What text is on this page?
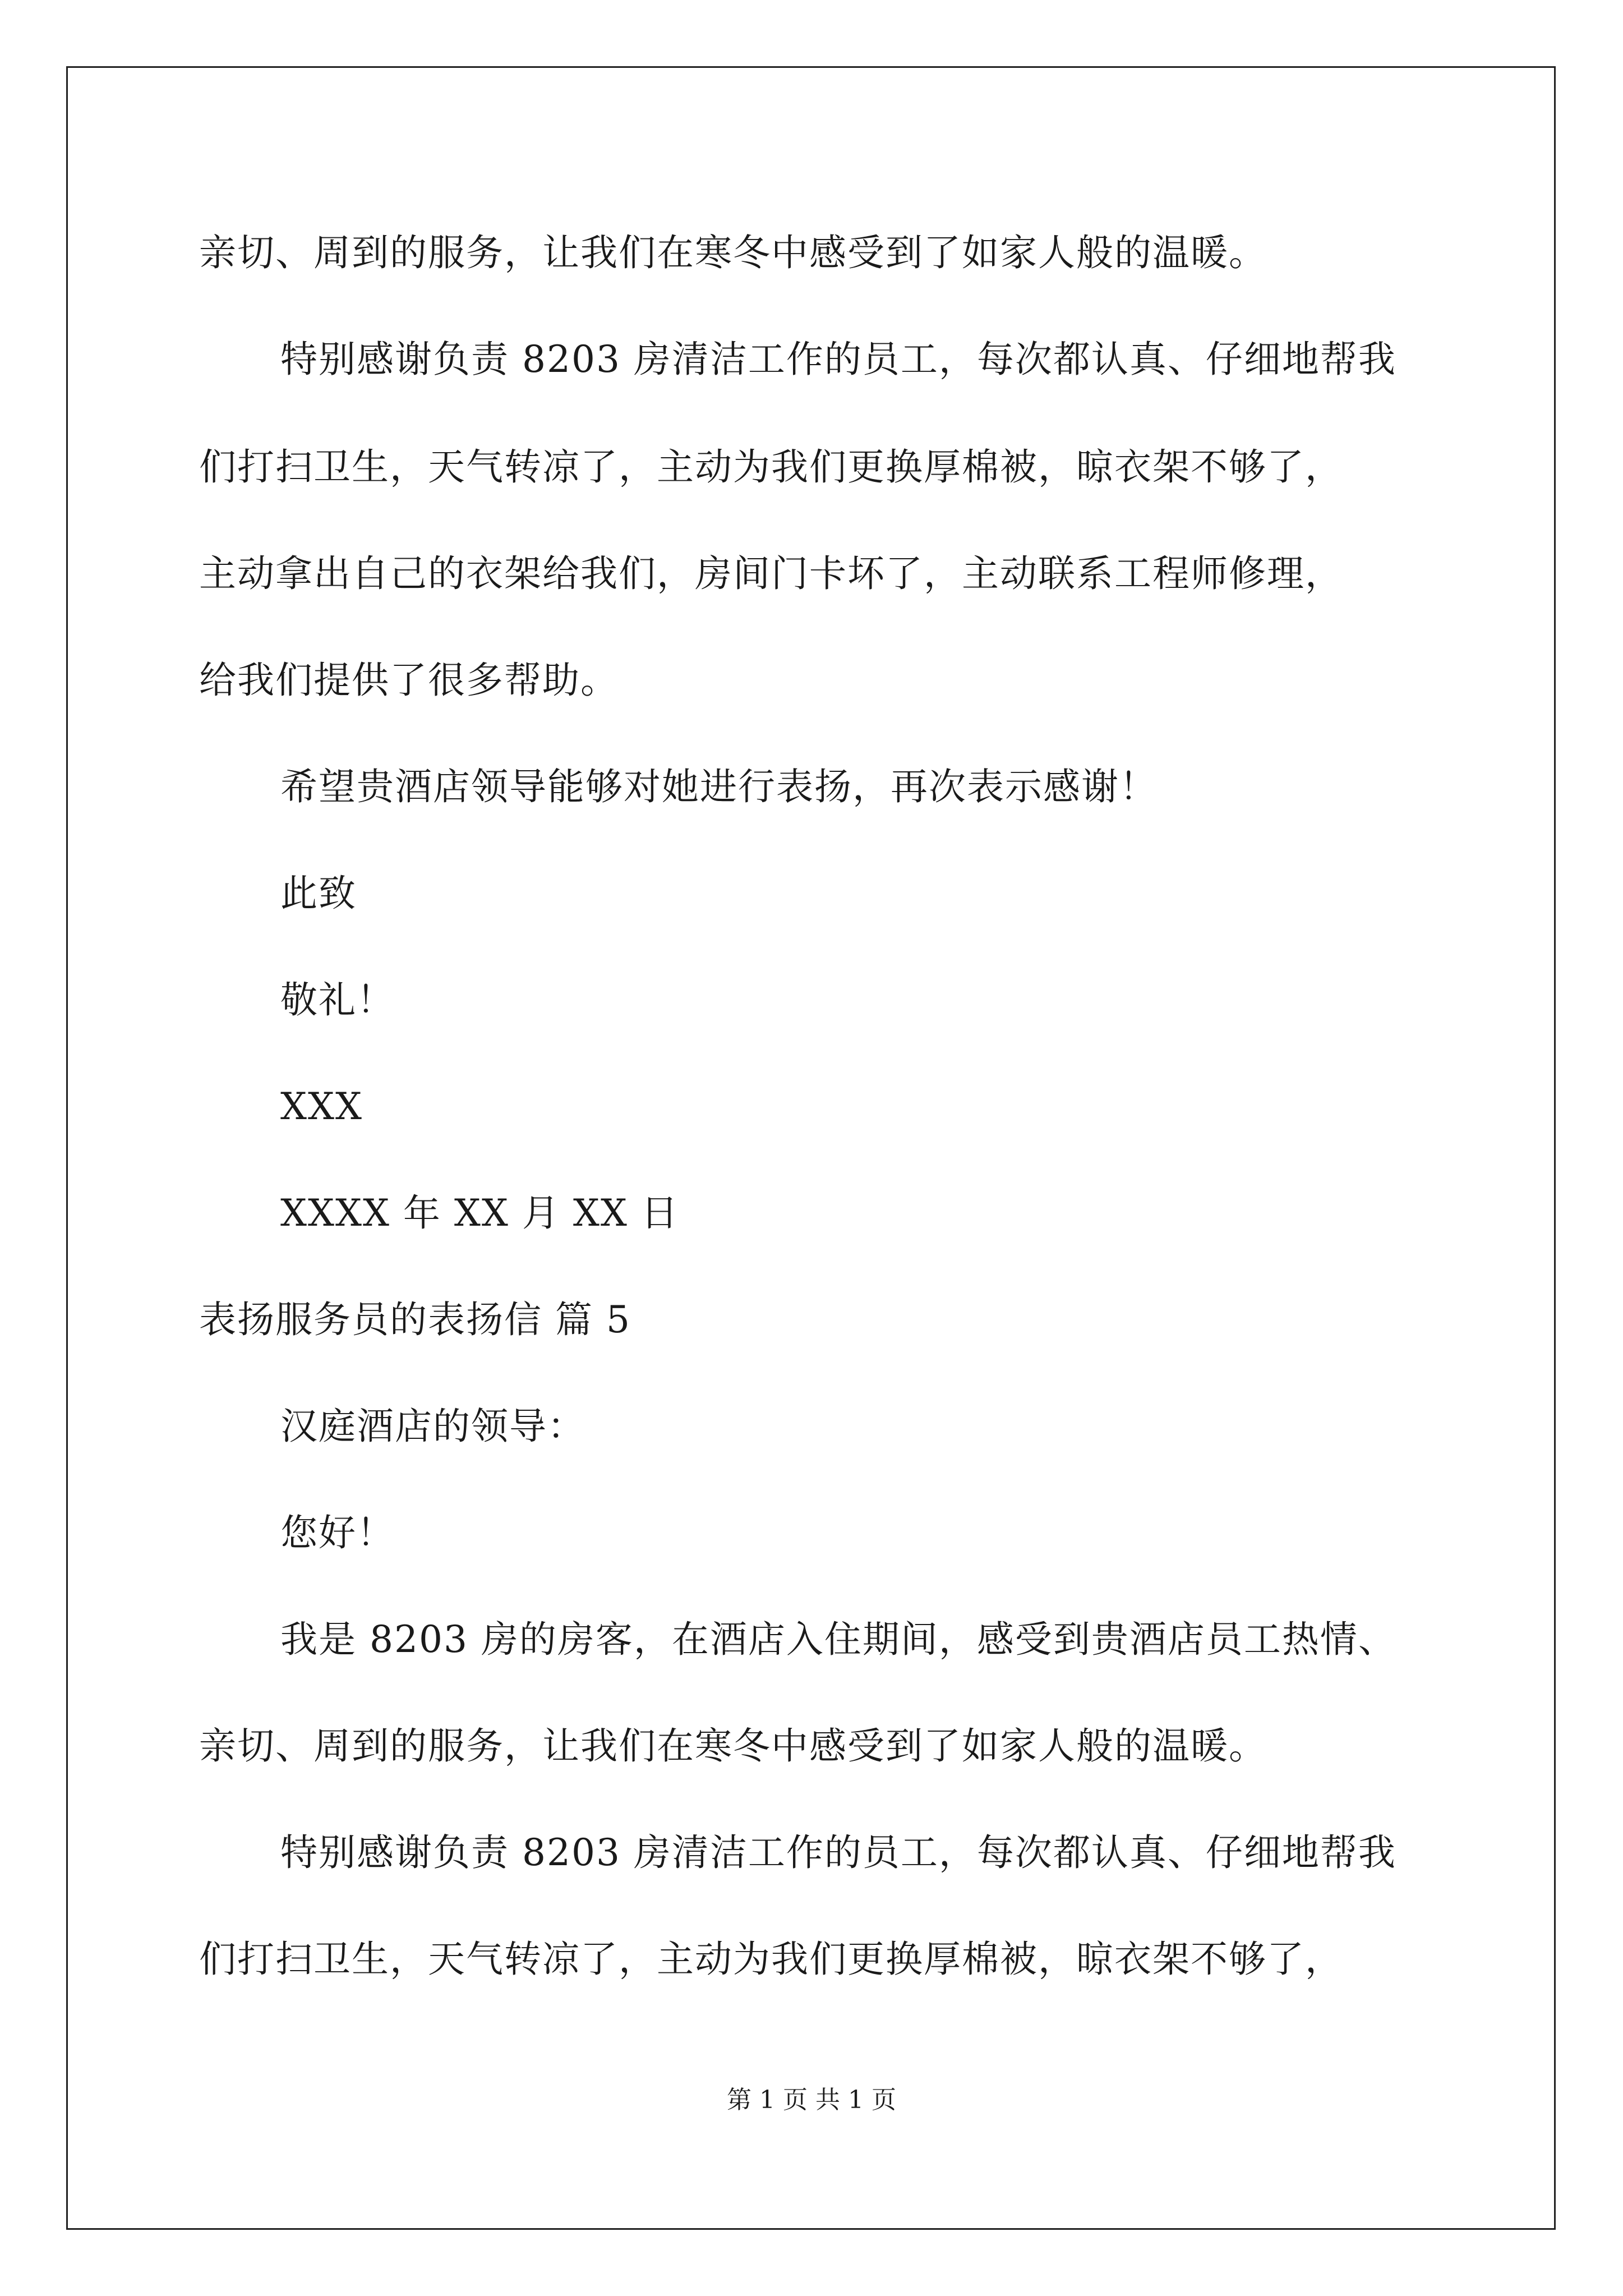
亲切、周到的服务，让我们在寒冬中感受到了如家人般的温暖。
特别感谢负责 8203 房清洁工作的员工，每次都认真、仔细地帮我
们打扫卫生，天气转凉了，主动为我们更换厚棉被，晾衣架不够了，
主动拿出自己的衣架给我们，房间门卡坏了，主动联系工程师修理，
给我们提供了很多帮助。
希望贵酒店领导能够对她进行表扬，再次表示感谢！
此致
敬礼！
XXX
XXXX 年 XX 月 XX 日
表扬服务员的表扬信 篇 5
汉庭酒店的领导：
您好！
我是 8203 房的房客，在酒店入住期间，感受到贵酒店员工热情、
亲切、周到的服务，让我们在寒冬中感受到了如家人般的温暖。
特别感谢负责 8203 房清洁工作的员工，每次都认真、仔细地帮我
们打扫卫生，天气转凉了，主动为我们更换厚棉被，晾衣架不够了，
第 1 页 共 1 页
